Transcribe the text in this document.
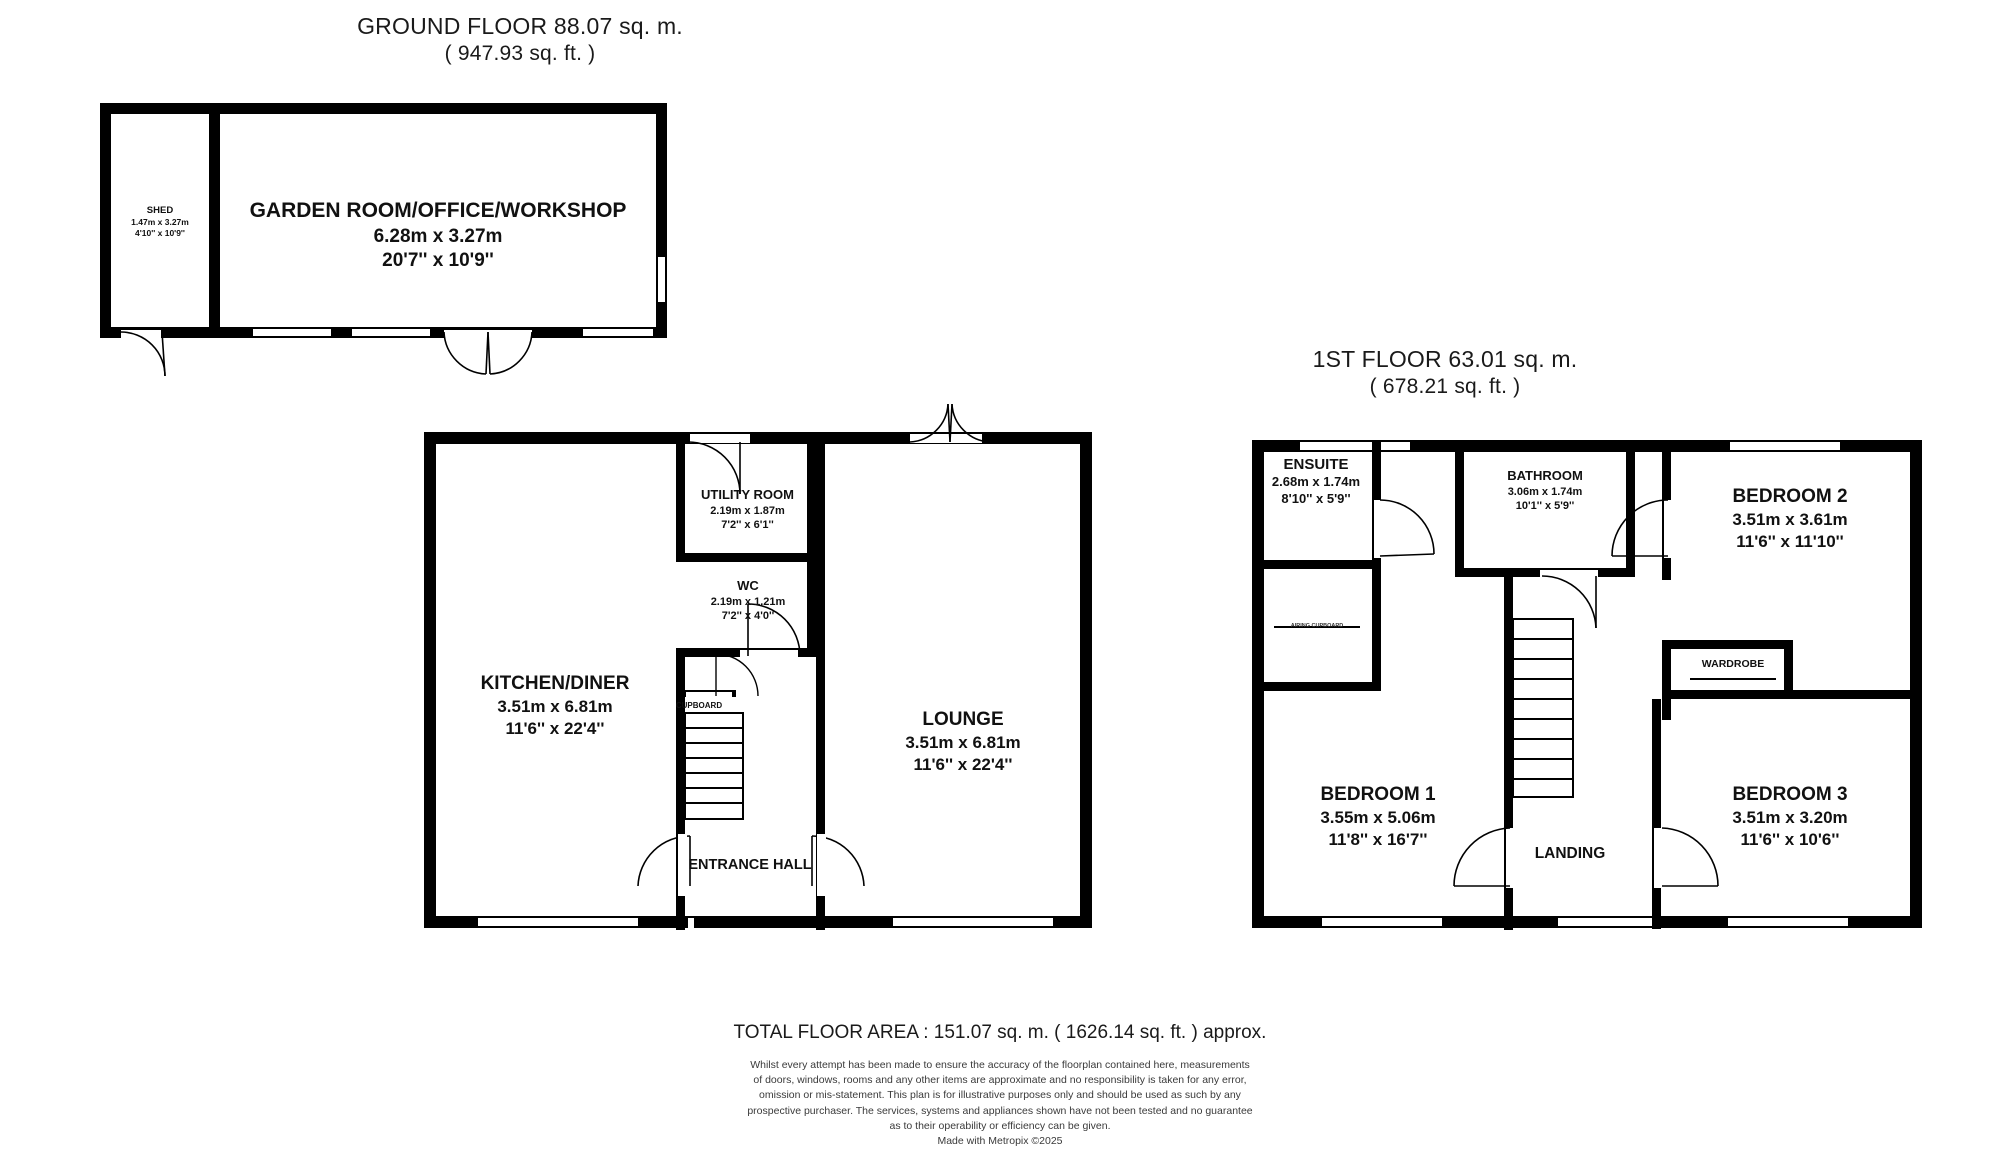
GROUND FLOOR 88.07 sq. m.
( 947.93 sq. ft. )
SHED
1.47m x 3.27m
4'10'' x 10'9''
GARDEN ROOM/OFFICE/WORKSHOP
6.28m x 3.27m
20'7'' x 10'9''
UTILITY ROOM
2.19m x 1.87m
7'2'' x 6'1''
WC
2.19m x 1.21m
7'2'' x 4'0''
KITCHEN/DINER
3.51m x 6.81m
11'6'' x 22'4''	LOUNGE
3.51m x 6.81m
11'6'' x 22'4''
ENTRANCE HALL
CUPBOARD
1ST FLOOR 63.01 sq. m.
( 678.21 sq. ft. )
ENSUITE
2.68m x 1.74m
8'10'' x 5'9''
BATHROOM
3.06m x 1.74m
10'1'' x 5'9''	BEDROOM 2
3.51m x 3.61m
11'6'' x 11'10''
BEDROOM 1
3.55m x 5.06m
11'8'' x 16'7''
BEDROOM 3
3.51m x 3.20m
11'6'' x 10'6''
LANDING
WARDROBE
AIRING CUPBOARD
TOTAL FLOOR AREA : 151.07 sq. m. ( 1626.14 sq. ft. ) approx.
Whilst every attempt has been made to ensure the accuracy of the floorplan contained here, measurements
of doors, windows, rooms and any other items are approximate and no responsibility is taken for any error,
omission or mis-statement. This plan is for illustrative purposes only and should be used as such by any
prospective purchaser. The services, systems and appliances shown have not been tested and no guarantee
as to their operability or efficiency can be given.
Made with Metropix ©2025
